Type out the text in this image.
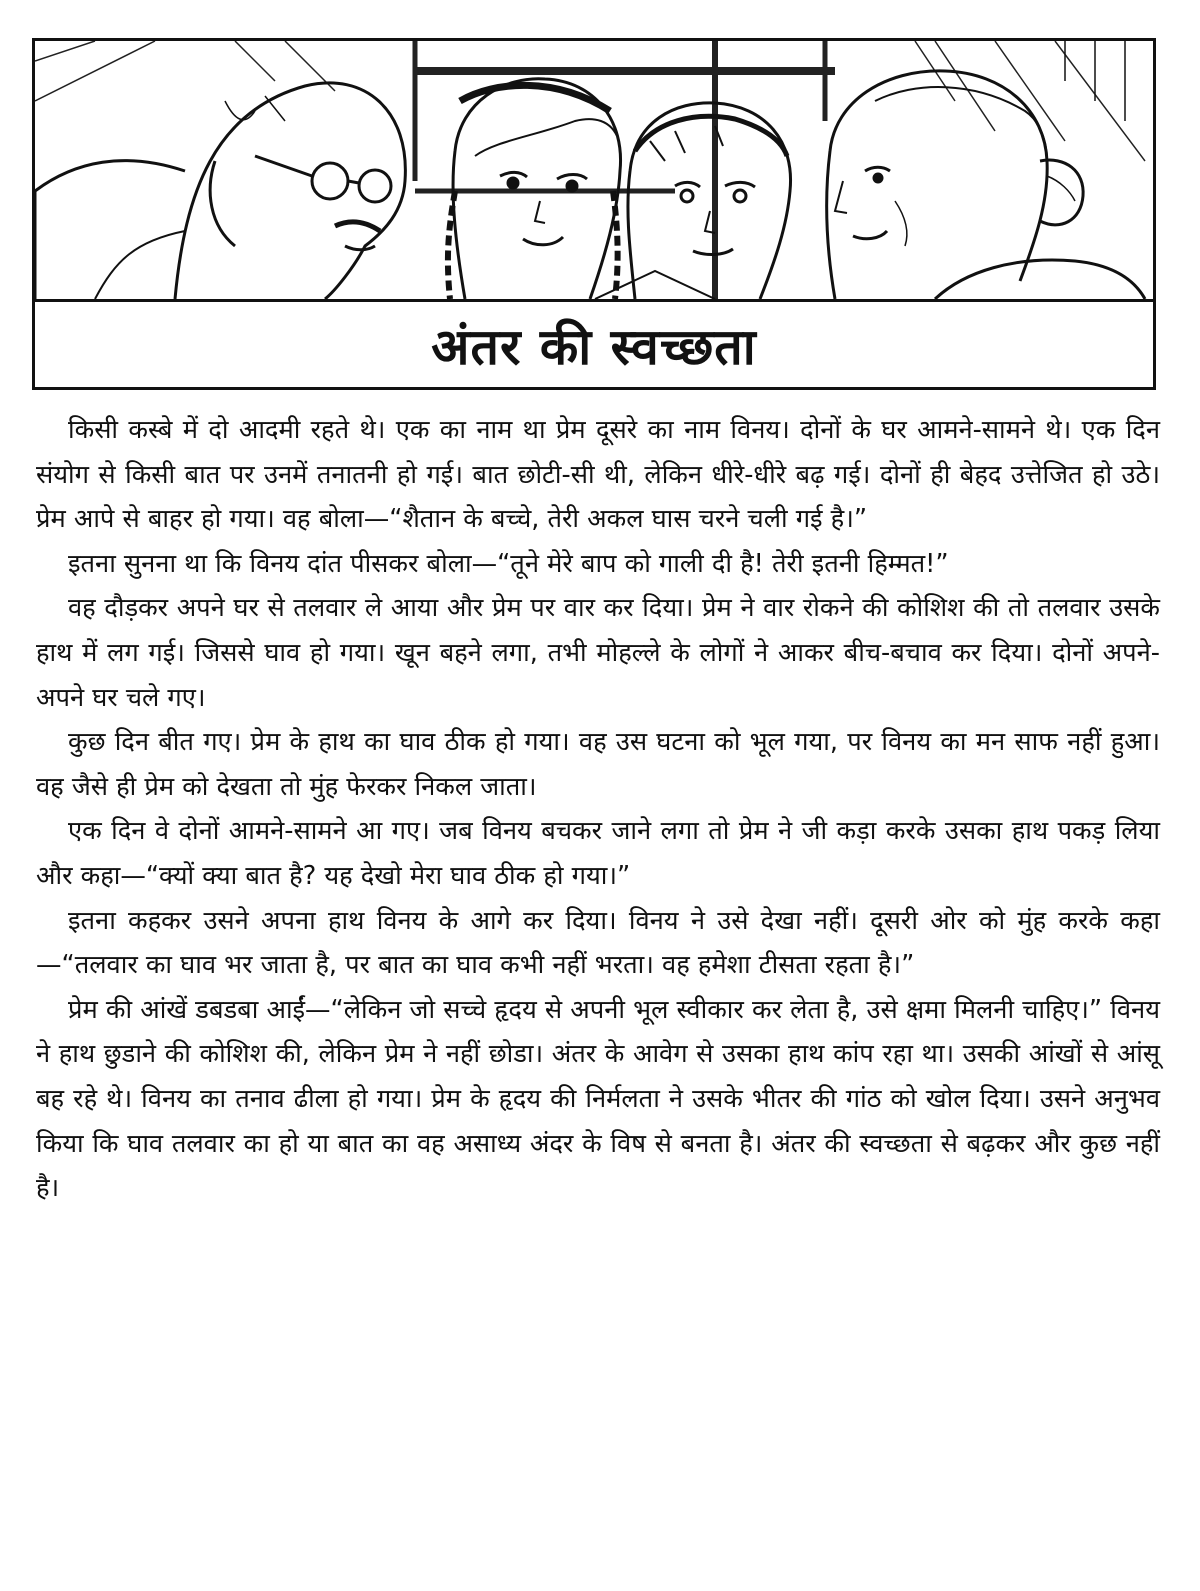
अंतर की स्वच्छता

किसी कस्बे में दो आदमी रहते थे। एक का नाम था प्रेम दूसरे का नाम विनय। दोनों के घर आमने-सामने थे। एक दिन संयोग से किसी बात पर उनमें तनातनी हो गई। बात छोटी-सी थी, लेकिन धीरे-धीरे बढ़ गई। दोनों ही बेहद उत्तेजित हो उठे। प्रेम आपे से बाहर हो गया। वह बोला—“शैतान के बच्चे, तेरी अकल घास चरने चली गई है।”

इतना सुनना था कि विनय दांत पीसकर बोला—“तूने मेरे बाप को गाली दी है! तेरी इतनी हिम्मत!”

वह दौड़कर अपने घर से तलवार ले आया और प्रेम पर वार कर दिया। प्रेम ने वार रोकने की कोशिश की तो तलवार उसके हाथ में लग गई। जिससे घाव हो गया। खून बहने लगा, तभी मोहल्ले के लोगों ने आकर बीच-बचाव कर दिया। दोनों अपने-अपने घर चले गए।

कुछ दिन बीत गए। प्रेम के हाथ का घाव ठीक हो गया। वह उस घटना को भूल गया, पर विनय का मन साफ नहीं हुआ। वह जैसे ही प्रेम को देखता तो मुंह फेरकर निकल जाता।

एक दिन वे दोनों आमने-सामने आ गए। जब विनय बचकर जाने लगा तो प्रेम ने जी कड़ा करके उसका हाथ पकड़ लिया और कहा—“क्यों क्या बात है? यह देखो मेरा घाव ठीक हो गया।”

इतना कहकर उसने अपना हाथ विनय के आगे कर दिया। विनय ने उसे देखा नहीं। दूसरी ओर को मुंह करके कहा—“तलवार का घाव भर जाता है, पर बात का घाव कभी नहीं भरता। वह हमेशा टीसता रहता है।”

प्रेम की आंखें डबडबा आईं—“लेकिन जो सच्चे हृदय से अपनी भूल स्वीकार कर लेता है, उसे क्षमा मिलनी चाहिए।” विनय ने हाथ छुडाने की कोशिश की, लेकिन प्रेम ने नहीं छोडा। अंतर के आवेग से उसका हाथ कांप रहा था। उसकी आंखों से आंसू बह रहे थे। विनय का तनाव ढीला हो गया। प्रेम के हृदय की निर्मलता ने उसके भीतर की गांठ को खोल दिया। उसने अनुभव किया कि घाव तलवार का हो या बात का वह असाध्य अंदर के विष से बनता है। अंतर की स्वच्छता से बढ़कर और कुछ नहीं है।
